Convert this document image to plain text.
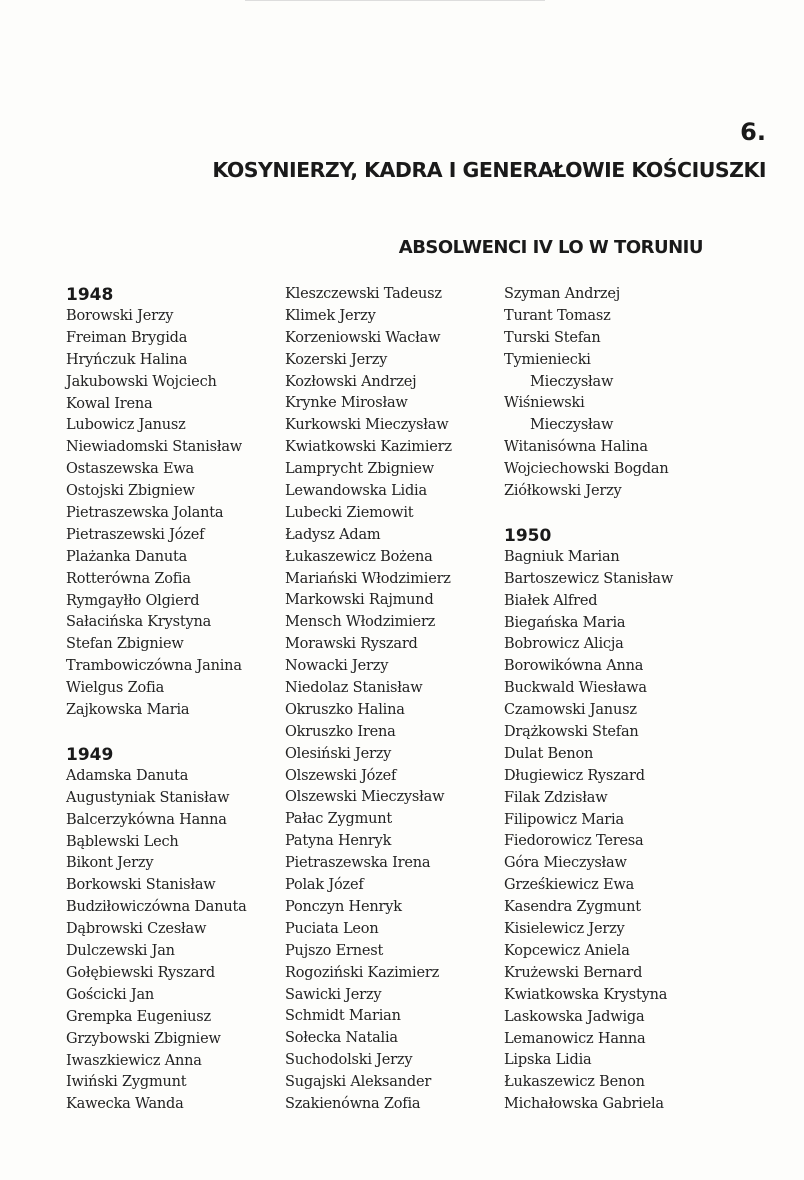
6.
KOSYNIERZY, KADRA I GENERAŁOWIE KOŚCIUSZKI
ABSOLWENCI IV LO W TORUNIU
1948
Borowski Jerzy
Freiman Brygida
Hryńczuk Halina
Jakubowski Wojciech
Kowal Irena
Lubowicz Janusz
Niewiadomski Stanisław
Ostaszewska Ewa
Ostojski Zbigniew
Pietraszewska Jolanta
Pietraszewski Józef
Plażanka Danuta
Rotterówna Zofia
Rymgayłło Olgierd
Sałacińska Krystyna
Stefan Zbigniew
Trambowiczówna Janina
Wielgus Zofia
Zajkowska Maria
1949
Adamska Danuta
Augustyniak Stanisław
Balcerzykówna Hanna
Bąblewski Lech
Bikont Jerzy
Borkowski Stanisław
Budziłowiczówna Danuta
Dąbrowski Czesław
Dulczewski Jan
Gołębiewski Ryszard
Gościcki Jan
Grempka Eugeniusz
Grzybowski Zbigniew
Iwaszkiewicz Anna
Iwiński Zygmunt
Kawecka Wanda
Kleszczewski Tadeusz
Klimek Jerzy
Korzeniowski Wacław
Kozerski Jerzy
Kozłowski Andrzej
Krynke Mirosław
Kurkowski Mieczysław
Kwiatkowski Kazimierz
Lamprycht Zbigniew
Lewandowska Lidia
Lubecki Ziemowit
Ładysz Adam
Łukaszewicz Bożena
Mariański Włodzimierz
Markowski Rajmund
Mensch Włodzimierz
Morawski Ryszard
Nowacki Jerzy
Niedolaz Stanisław
Okruszko Halina
Okruszko Irena
Olesiński Jerzy
Olszewski Józef
Olszewski Mieczysław
Pałac Zygmunt
Patyna Henryk
Pietraszewska Irena
Polak Józef
Ponczyn Henryk
Puciata Leon
Pujszo Ernest
Rogoziński Kazimierz
Sawicki Jerzy
Schmidt Marian
Sołecka Natalia
Suchodolski Jerzy
Sugajski Aleksander
Szakienówna Zofia
Szyman Andrzej
Turant Tomasz
Turski Stefan
Tymieniecki
Mieczysław
Wiśniewski
Mieczysław
Witanisówna Halina
Wojciechowski Bogdan
Ziółkowski Jerzy
1950
Bagniuk Marian
Bartoszewicz Stanisław
Białek Alfred
Biegańska Maria
Bobrowicz Alicja
Borowikówna Anna
Buckwald Wiesława
Czamowski Janusz
Drążkowski Stefan
Dulat Benon
Długiewicz Ryszard
Filak Zdzisław
Filipowicz Maria
Fiedorowicz Teresa
Góra Mieczysław
Grześkiewicz Ewa
Kasendra Zygmunt
Kisielewicz Jerzy
Kopcewicz Aniela
Krużewski Bernard
Kwiatkowska Krystyna
Laskowska Jadwiga
Lemanowicz Hanna
Lipska Lidia
Łukaszewicz Benon
Michałowska Gabriela
